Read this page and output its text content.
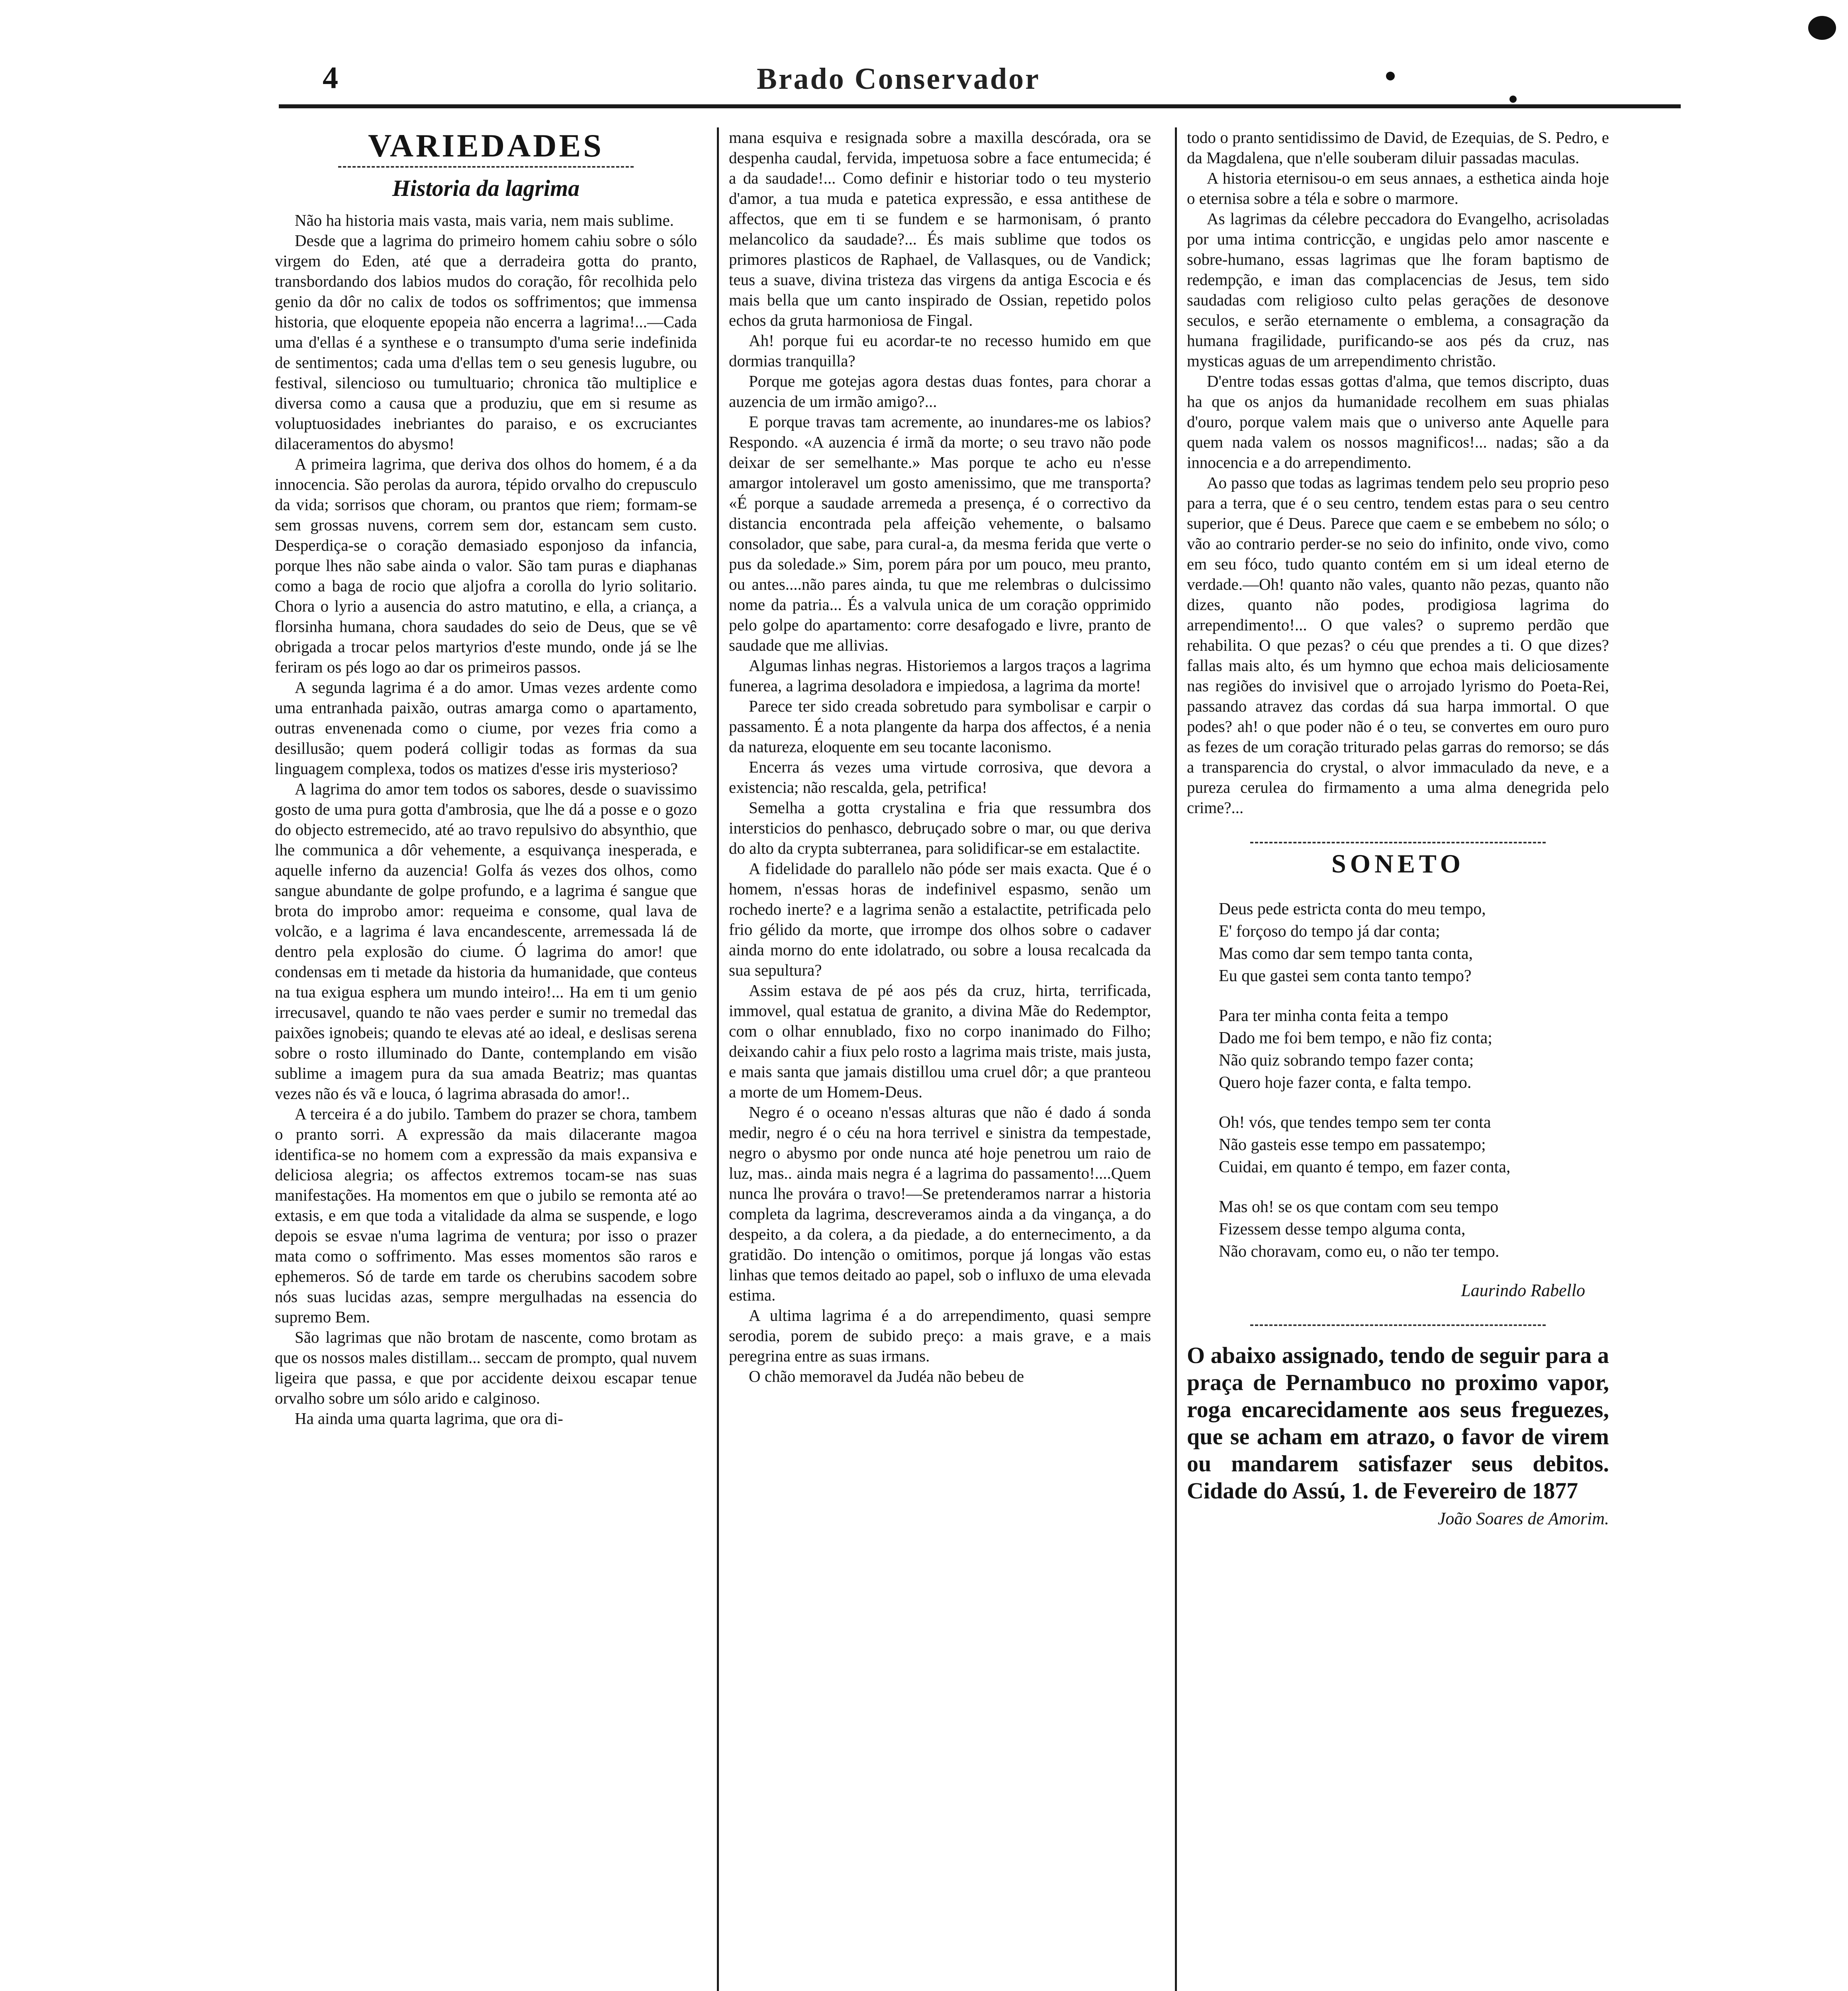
4	Brado Conservador
VARIEDADES
Historia da lagrima

Não ha historia mais vasta, mais varia, nem mais sublime.

Desde que a lagrima do primeiro homem cahiu sobre o sólo virgem do Eden, até que a derradeira gotta do pranto, transbordando dos labios mudos do coração, fôr recolhida pelo genio da dôr no calix de todos os soffrimentos; que immensa historia, que eloquente epopeia não encerra a lagrima!...—Cada uma d'ellas é a synthese e o transumpto d'uma serie indefinida de sentimentos; cada uma d'ellas tem o seu genesis lugubre, ou festival, silencioso ou tumultuario; chronica tão multiplice e diversa como a causa que a produziu, que em si resume as voluptuosidades inebriantes do paraiso, e os excruciantes dilaceramentos do abysmo!

A primeira lagrima, que deriva dos olhos do homem, é a da innocencia. São perolas da aurora, tépido orvalho do crepusculo da vida; sorrisos que choram, ou prantos que riem; formam-se sem grossas nuvens, correm sem dor, estancam sem custo. Desperdiça-se o coração demasiado esponjoso da infancia, porque lhes não sabe ainda o valor. São tam puras e diaphanas como a baga de rocio que aljofra a corolla do lyrio solitario. Chora o lyrio a ausencia do astro matutino, e ella, a criança, a florsinha humana, chora saudades do seio de Deus, que se vê obrigada a trocar pelos martyrios d'este mundo, onde já se lhe feriram os pés logo ao dar os primeiros passos.

A segunda lagrima é a do amor. Umas vezes ardente como uma entranhada paixão, outras amarga como o apartamento, outras envenenada como o ciume, por vezes fria como a desillusão; quem poderá colligir todas as formas da sua linguagem complexa, todos os matizes d'esse iris mysterioso?

A lagrima do amor tem todos os sabores, desde o suavissimo gosto de uma pura gotta d'ambrosia, que lhe dá a posse e o gozo do objecto estremecido, até ao travo repulsivo do absynthio, que lhe communica a dôr vehemente, a esquivança inesperada, e aquelle inferno da auzencia! Golfa ás vezes dos olhos, como sangue abundante de golpe profundo, e a lagrima é sangue que brota do improbo amor: requeima e consome, qual lava de volcão, e a lagrima é lava encandescente, arremessada lá de dentro pela explosão do ciume. Ó lagrima do amor! que condensas em ti metade da historia da humanidade, que conteus na tua exigua esphera um mundo inteiro!... Ha em ti um genio irrecusavel, quando te não vaes perder e sumir no tremedal das paixões ignobeis; quando te elevas até ao ideal, e deslisas serena sobre o rosto illuminado do Dante, contemplando em visão sublime a imagem pura da sua amada Beatriz; mas quantas vezes não és vã e louca, ó lagrima abrasada do amor!..

A terceira é a do jubilo. Tambem do prazer se chora, tambem o pranto sorri. A expressão da mais dilacerante magoa identifica-se no homem com a expressão da mais expansiva e deliciosa alegria; os affectos extremos tocam-se nas suas manifestações. Ha momentos em que o jubilo se remonta até ao extasis, e em que toda a vitalidade da alma se suspende, e logo depois se esvae n'uma lagrima de ventura; por isso o prazer mata como o soffrimento. Mas esses momentos são raros e ephemeros. Só de tarde em tarde os cherubins sacodem sobre nós suas lucidas azas, sempre mergulhadas na essencia do supremo Bem.

São lagrimas que não brotam de nascente, como brotam as que os nossos males distillam... seccam de prompto, qual nuvem ligeira que passa, e que por accidente deixou escapar tenue orvalho sobre um sólo arido e calginoso.

Ha ainda uma quarta lagrima, que ora di-

mana esquiva e resignada sobre a maxilla descórada, ora se despenha caudal, fervida, impetuosa sobre a face entumecida; é a da saudade!... Como definir e historiar todo o teu mysterio d'amor, a tua muda e patetica expressão, e essa antithese de affectos, que em ti se fundem e se harmonisam, ó pranto melancolico da saudade?... És mais sublime que todos os primores plasticos de Raphael, de Vallasques, ou de Vandick; teus a suave, divina tristeza das virgens da antiga Escocia e és mais bella que um canto inspirado de Ossian, repetido polos echos da gruta harmoniosa de Fingal.

Ah! porque fui eu acordar-te no recesso humido em que dormias tranquilla?

Porque me gotejas agora destas duas fontes, para chorar a auzencia de um irmão amigo?...

E porque travas tam acremente, ao inundares-me os labios? Respondo. «A auzencia é irmã da morte; o seu travo não pode deixar de ser semelhante.» Mas porque te acho eu n'esse amargor intoleravel um gosto amenissimo, que me transporta? «É porque a saudade arremeda a presença, é o correctivo da distancia encontrada pela affeição vehemente, o balsamo consolador, que sabe, para cural-a, da mesma ferida que verte o pus da soledade.» Sim, porem pára por um pouco, meu pranto, ou antes....não pares ainda, tu que me relembras o dulcissimo nome da patria... És a valvula unica de um coração opprimido pelo golpe do apartamento: corre desafogado e livre, pranto de saudade que me allivias.

Algumas linhas negras. Historiemos a largos traços a lagrima funerea, a lagrima desoladora e impiedosa, a lagrima da morte!

Parece ter sido creada sobretudo para symbolisar e carpir o passamento. É a nota plangente da harpa dos affectos, é a nenia da natureza, eloquente em seu tocante laconismo.

Encerra ás vezes uma virtude corrosiva, que devora a existencia; não rescalda, gela, petrifica!

Semelha a gotta crystalina e fria que ressumbra dos intersticios do penhasco, debruçado sobre o mar, ou que deriva do alto da crypta subterranea, para solidificar-se em estalactite.

A fidelidade do parallelo não póde ser mais exacta. Que é o homem, n'essas horas de indefinivel espasmo, senão um rochedo inerte? e a lagrima senão a estalactite, petrificada pelo frio gélido da morte, que irrompe dos olhos sobre o cadaver ainda morno do ente idolatrado, ou sobre a lousa recalcada da sua sepultura?

Assim estava de pé aos pés da cruz, hirta, terrificada, immovel, qual estatua de granito, a divina Mãe do Redemptor, com o olhar ennublado, fixo no corpo inanimado do Filho; deixando cahir a fiux pelo rosto a lagrima mais triste, mais justa, e mais santa que jamais distillou uma cruel dôr; a que pranteou a morte de um Homem-Deus.

Negro é o oceano n'essas alturas que não é dado á sonda medir, negro é o céu na hora terrivel e sinistra da tempestade, negro o abysmo por onde nunca até hoje penetrou um raio de luz, mas.. ainda mais negra é a lagrima do passamento!....Quem nunca lhe provára o travo!—Se pretenderamos narrar a historia completa da lagrima, descreveramos ainda a da vingança, a do despeito, a da colera, a da piedade, a do enternecimento, a da gratidão. Do intenção o omitimos, porque já longas vão estas linhas que temos deitado ao papel, sob o influxo de uma elevada estima.

A ultima lagrima é a do arrependimento, quasi sempre serodia, porem de subido preço: a mais grave, e a mais peregrina entre as suas irmans.

O chão memoravel da Judéa não bebeu de

todo o pranto sentidissimo de David, de Ezequias, de S. Pedro, e da Magdalena, que n'elle souberam diluir passadas maculas.

A historia eternisou-o em seus annaes, a esthetica ainda hoje o eternisa sobre a téla e sobre o marmore.

As lagrimas da célebre peccadora do Evangelho, acrisoladas por uma intima contricção, e ungidas pelo amor nascente e sobre-humano, essas lagrimas que lhe foram baptismo de redempção, e iman das complacencias de Jesus, tem sido saudadas com religioso culto pelas gerações de desonove seculos, e serão eternamente o emblema, a consagração da humana fragilidade, purificando-se aos pés da cruz, nas mysticas aguas de um arrependimento christão.

D'entre todas essas gottas d'alma, que temos discripto, duas ha que os anjos da humanidade recolhem em suas phialas d'ouro, porque valem mais que o universo ante Aquelle para quem nada valem os nossos magnificos!... nadas; são a da innocencia e a do arrependimento.

Ao passo que todas as lagrimas tendem pelo seu proprio peso para a terra, que é o seu centro, tendem estas para o seu centro superior, que é Deus. Parece que caem e se embebem no sólo; o vão ao contrario perder-se no seio do infinito, onde vivo, como em seu fóco, tudo quanto contém em si um ideal eterno de verdade.—Oh! quanto não vales, quanto não pezas, quanto não dizes, quanto não podes, prodigiosa lagrima do arrependimento!... O que vales? o supremo perdão que rehabilita. O que pezas? o céu que prendes a ti. O que dizes? fallas mais alto, és um hymno que echoa mais deliciosamente nas regiões do invisivel que o arrojado lyrismo do Poeta-Rei, passando atravez das cordas dá sua harpa immortal. O que podes? ah! o que poder não é o teu, se convertes em ouro puro as fezes de um coração triturado pelas garras do remorso; se dás a transparencia do crystal, o alvor immaculado da neve, e a pureza cerulea do firmamento a uma alma denegrida pelo crime?...

SONETO
Deus pede estricta conta do meu tempo,
E' forçoso do tempo já dar conta;
Mas como dar sem tempo tanta conta,
Eu que gastei sem conta tanto tempo?
Para ter minha conta feita a tempo
Dado me foi bem tempo, e não fiz conta;
Não quiz sobrando tempo fazer conta;
Quero hoje fazer conta, e falta tempo.
Oh! vós, que tendes tempo sem ter conta
Não gasteis esse tempo em passatempo;
Cuidai, em quanto é tempo, em fazer conta,
Mas oh! se os que contam com seu tempo
Fizessem desse tempo alguma conta,
Não choravam, como eu, o não ter tempo.
Laurindo Rabello
O abaixo assignado, tendo de seguir para a praça de Pernambuco no proximo vapor, roga encarecidamente aos seus freguezes, que se acham em atrazo, o favor de virem ou mandarem satisfazer seus debitos. Cidade do Assú, 1. de Fevereiro de 1877
João Soares de Amorim.
